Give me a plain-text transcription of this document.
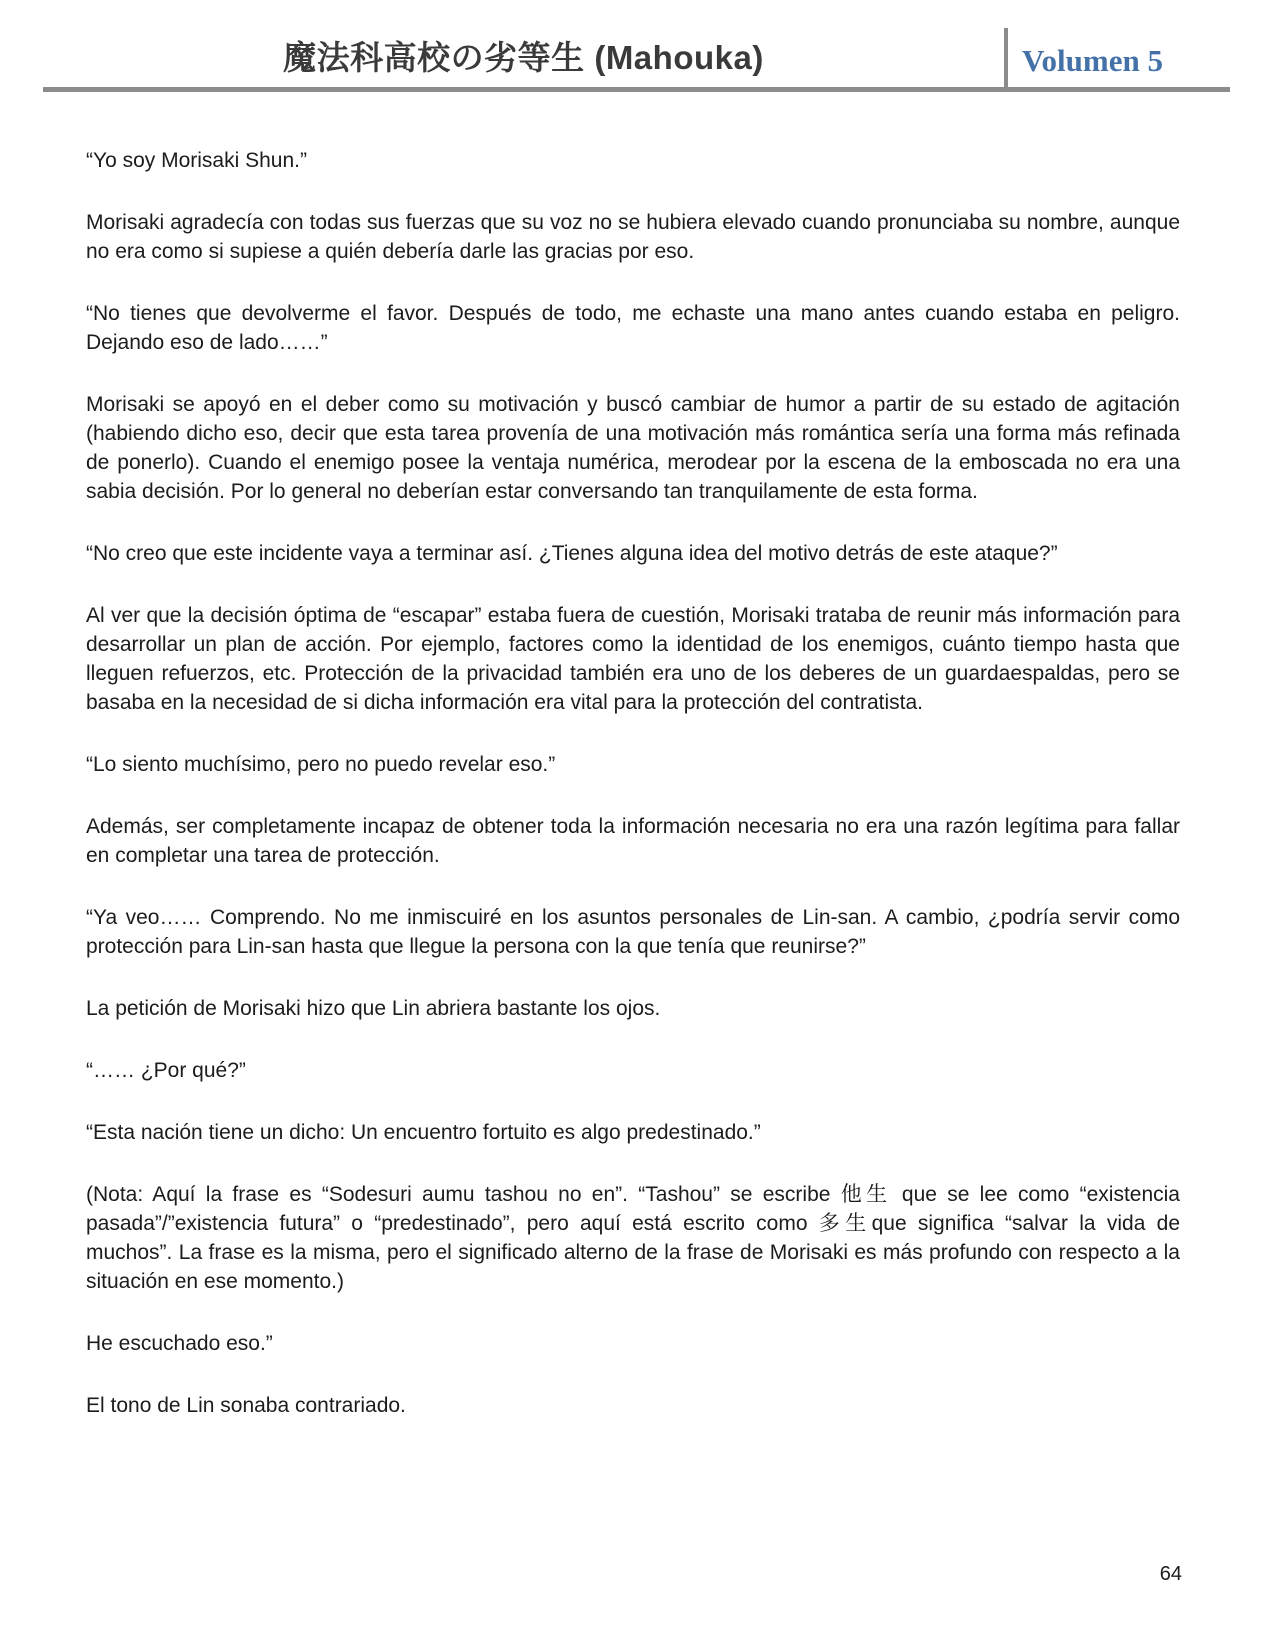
魔法科高校の劣等生 (Mahouka)	Volumen 5

“Yo soy Morisaki Shun.”

Morisaki agradecía con todas sus fuerzas que su voz no se hubiera elevado cuando pronunciaba su nombre, aunque no era como si supiese a quién debería darle las gracias por eso.

“No tienes que devolverme el favor. Después de todo, me echaste una mano antes cuando estaba en peligro. Dejando eso de lado……”

Morisaki se apoyó en el deber como su motivación y buscó cambiar de humor a partir de su estado de agitación (habiendo dicho eso, decir que esta tarea provenía de una motivación más romántica sería una forma más refinada de ponerlo). Cuando el enemigo posee la ventaja numérica, merodear por la escena de la emboscada no era una sabia decisión. Por lo general no deberían estar conversando tan tranquilamente de esta forma.

“No creo que este incidente vaya a terminar así. ¿Tienes alguna idea del motivo detrás de este ataque?”

Al ver que la decisión óptima de “escapar” estaba fuera de cuestión, Morisaki trataba de reunir más información para desarrollar un plan de acción. Por ejemplo, factores como la identidad de los enemigos, cuánto tiempo hasta que lleguen refuerzos, etc. Protección de la privacidad también era uno de los deberes de un guardaespaldas, pero se basaba en la necesidad de si dicha información era vital para la protección del contratista.

“Lo siento muchísimo, pero no puedo revelar eso.”

Además, ser completamente incapaz de obtener toda la información necesaria no era una razón legítima para fallar en completar una tarea de protección.

“Ya veo…… Comprendo. No me inmiscuiré en los asuntos personales de Lin-san. A cambio, ¿podría servir como protección para Lin-san hasta que llegue la persona con la que tenía que reunirse?”

La petición de Morisaki hizo que Lin abriera bastante los ojos.

“…… ¿Por qué?”

“Esta nación tiene un dicho: Un encuentro fortuito es algo predestinado.”

(Nota: Aquí la frase es “Sodesuri aumu tashou no en”. “Tashou” se escribe 他生 que se lee como “existencia pasada”/”existencia futura” o “predestinado”, pero aquí está escrito como 多生que significa “salvar la vida de muchos”. La frase es la misma, pero el significado alterno de la frase de Morisaki es más profundo con respecto a la situación en ese momento.)

He escuchado eso.”

El tono de Lin sonaba contrariado.

64
